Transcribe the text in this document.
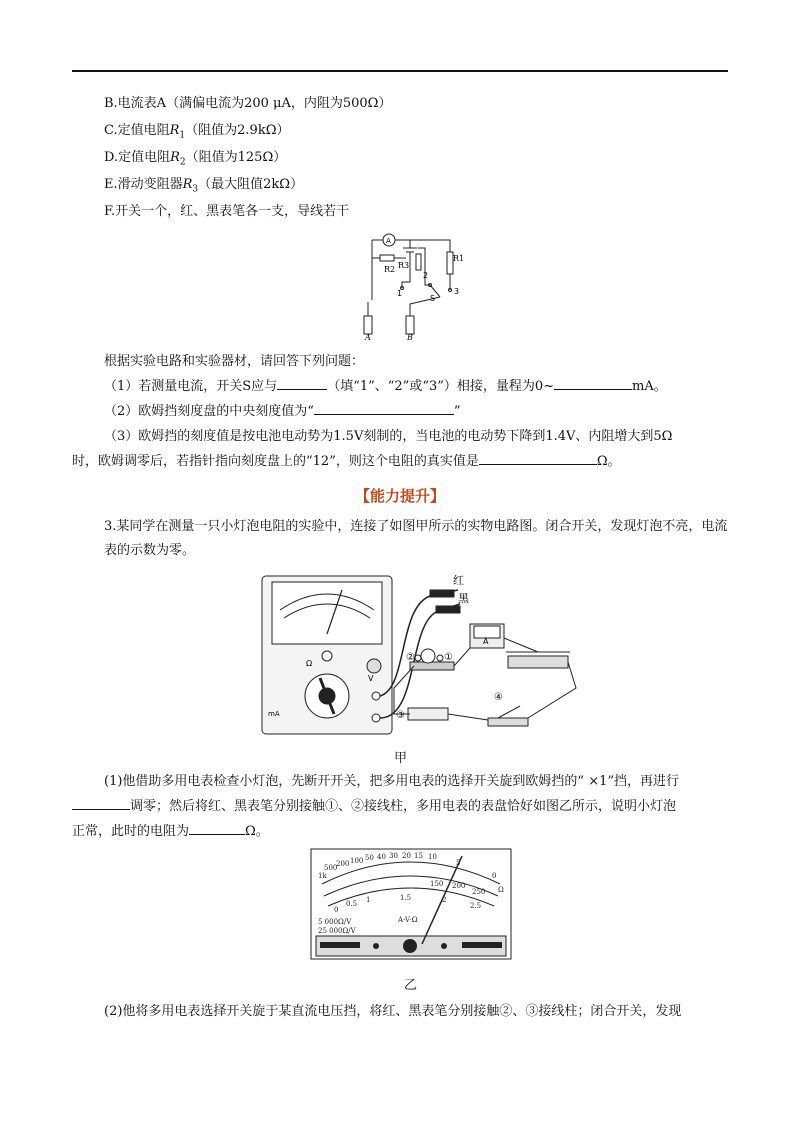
B.电流表A（满偏电流为200 μA，内阻为500Ω）
C.定值电阻$R_1$（阻值为2.9kΩ）
D.定值电阻$R_2$（阻值为125Ω）
E.滑动变阻器$R_3$（最大阻值2kΩ）
F.开关一个，红、黑表笔各一支，导线若干
A
R2
R1
R3
1
2
3
S
A	B
根据实验电路和实验器材，请回答下列问题：
（1）若测量电流，开关S应与	（填“1”、“2”或“3”）相接，量程为0~	mA。
（2）欧姆挡刻度盘的中央刻度值为“	”
（3）欧姆挡的刻度值是按电池电动势为1.5V刻制的，当电池的电动势下降到1.4V、内阻增大到5Ω
时，欧姆调零后，若指针指向刻度盘上的“12”，则这个电阻的真实值是	Ω。
【能力提升】
3.某同学在测量一只小灯泡电阻的实验中，连接了如图甲所示的实物电路图。闭合开关，发现灯泡不亮，电流表的示数为零。
红
黑
②	①
③
④
Ω
V
mA
A
甲
(1)他借助多用电表检查小灯泡，先断开开关，把多用电表的选择开关旋到欧姆挡的“ ×1”挡，再进行
调零；然后将红、黑表笔分别接触①、②接线柱，多用电表的表盘恰好如图乙所示，说明小灯泡
正常，此时的电阻为	Ω。
500
200 100 50 40 30 20 15 10
5
0
Ω
1k
0
0.5 1	1.5	2
2.5
150 200
250
A-V-Ω
5 000Ω/V
25 000Ω/V
乙
(2)他将多用电表选择开关旋于某直流电压挡，将红、黑表笔分别接触②、③接线柱；闭合开关，发现
